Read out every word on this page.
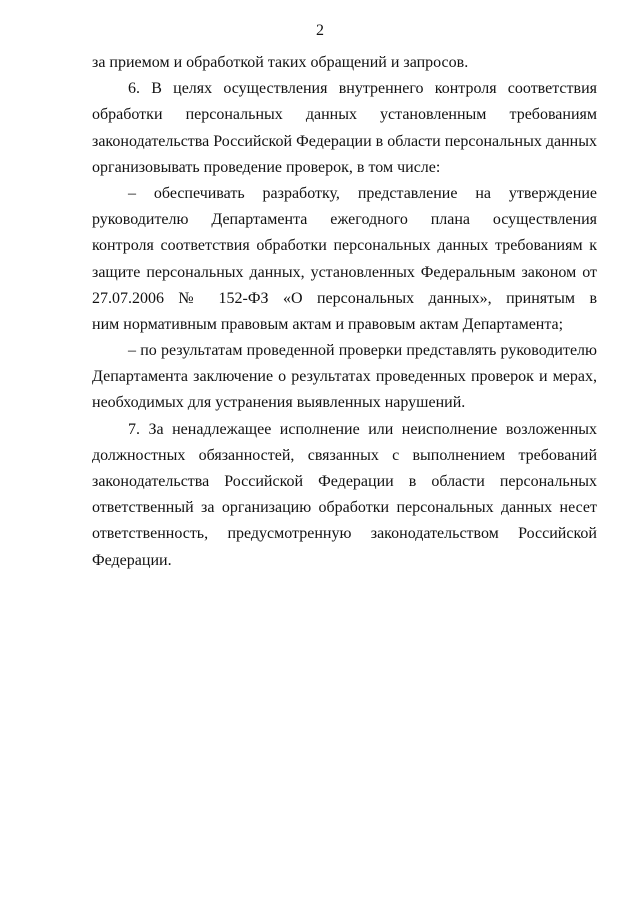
2
за приемом и обработкой таких обращений и запросов.
6. В целях осуществления внутреннего контроля соответствия
обработки персональных данных установленным требованиям
законодательства Российской Федерации в области персональных данных
организовывать проведение проверок, в том числе:
– обеспечивать разработку, представление на утверждение
руководителю Департамента ежегодного плана осуществления
контроля соответствия обработки персональных данных требованиям к
защите персональных данных, установленных Федеральным законом от
27.07.2006 № 152-ФЗ «О персональных данных», принятым в
ним нормативным правовым актам и правовым актам Департамента;
– по результатам проведенной проверки представлять руководителю
Департамента заключение о результатах проведенных проверок и мерах,
необходимых для устранения выявленных нарушений.
7. За ненадлежащее исполнение или неисполнение возложенных
должностных обязанностей, связанных с выполнением требований
законодательства Российской Федерации в области персональных
ответственный за организацию обработки персональных данных несет
ответственность, предусмотренную законодательством Российской
Федерации.
